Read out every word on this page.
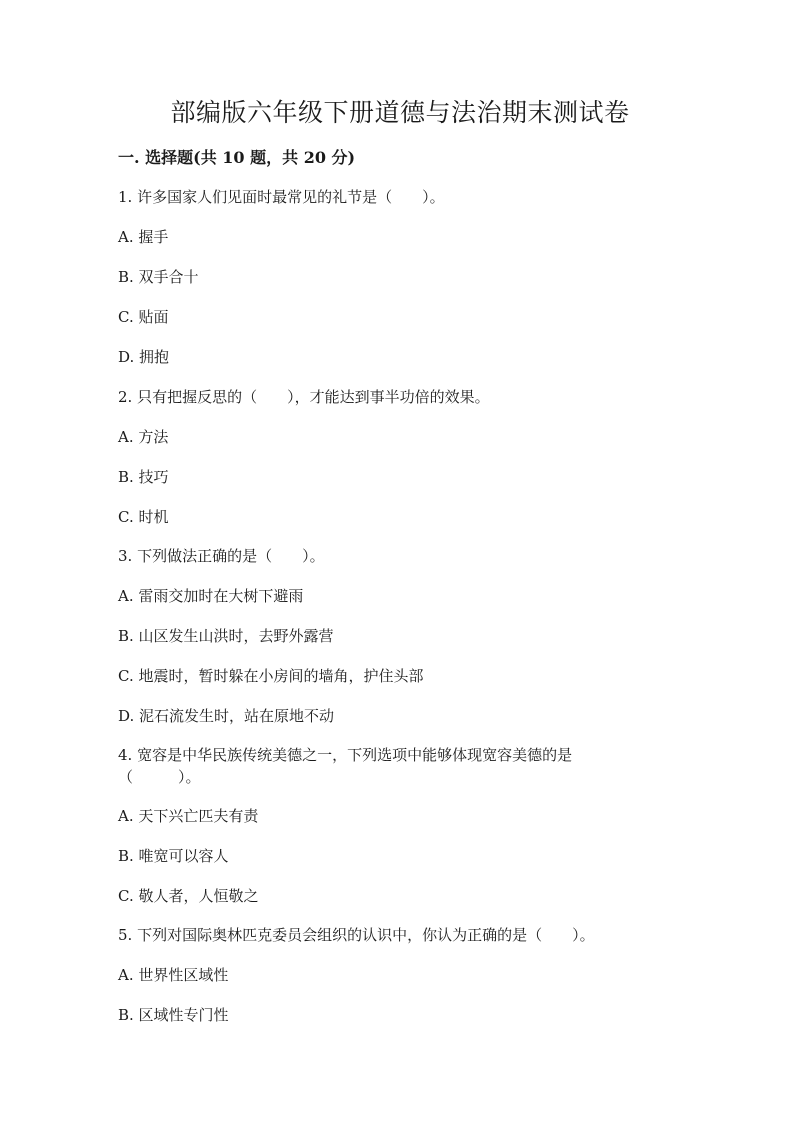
部编版六年级下册道德与法治期末测试卷
一. 选择题(共 10 题，共 20 分)

1. 许多国家人们见面时最常见的礼节是（　　）。

A. 握手

B. 双手合十

C. 贴面

D. 拥抱

2. 只有把握反思的（　　），才能达到事半功倍的效果。

A. 方法

B. 技巧

C. 时机

3. 下列做法正确的是（　　）。

A. 雷雨交加时在大树下避雨

B. 山区发生山洪时，去野外露营

C. 地震时，暂时躲在小房间的墙角，护住头部

D. 泥石流发生时，站在原地不动

4. 宽容是中华民族传统美德之一，下列选项中能够体现宽容美德的是

（　　　）。

A. 天下兴亡匹夫有责

B. 唯宽可以容人

C. 敬人者，人恒敬之

5. 下列对国际奥林匹克委员会组织的认识中，你认为正确的是（　　）。

A. 世界性区域性

B. 区域性专门性
